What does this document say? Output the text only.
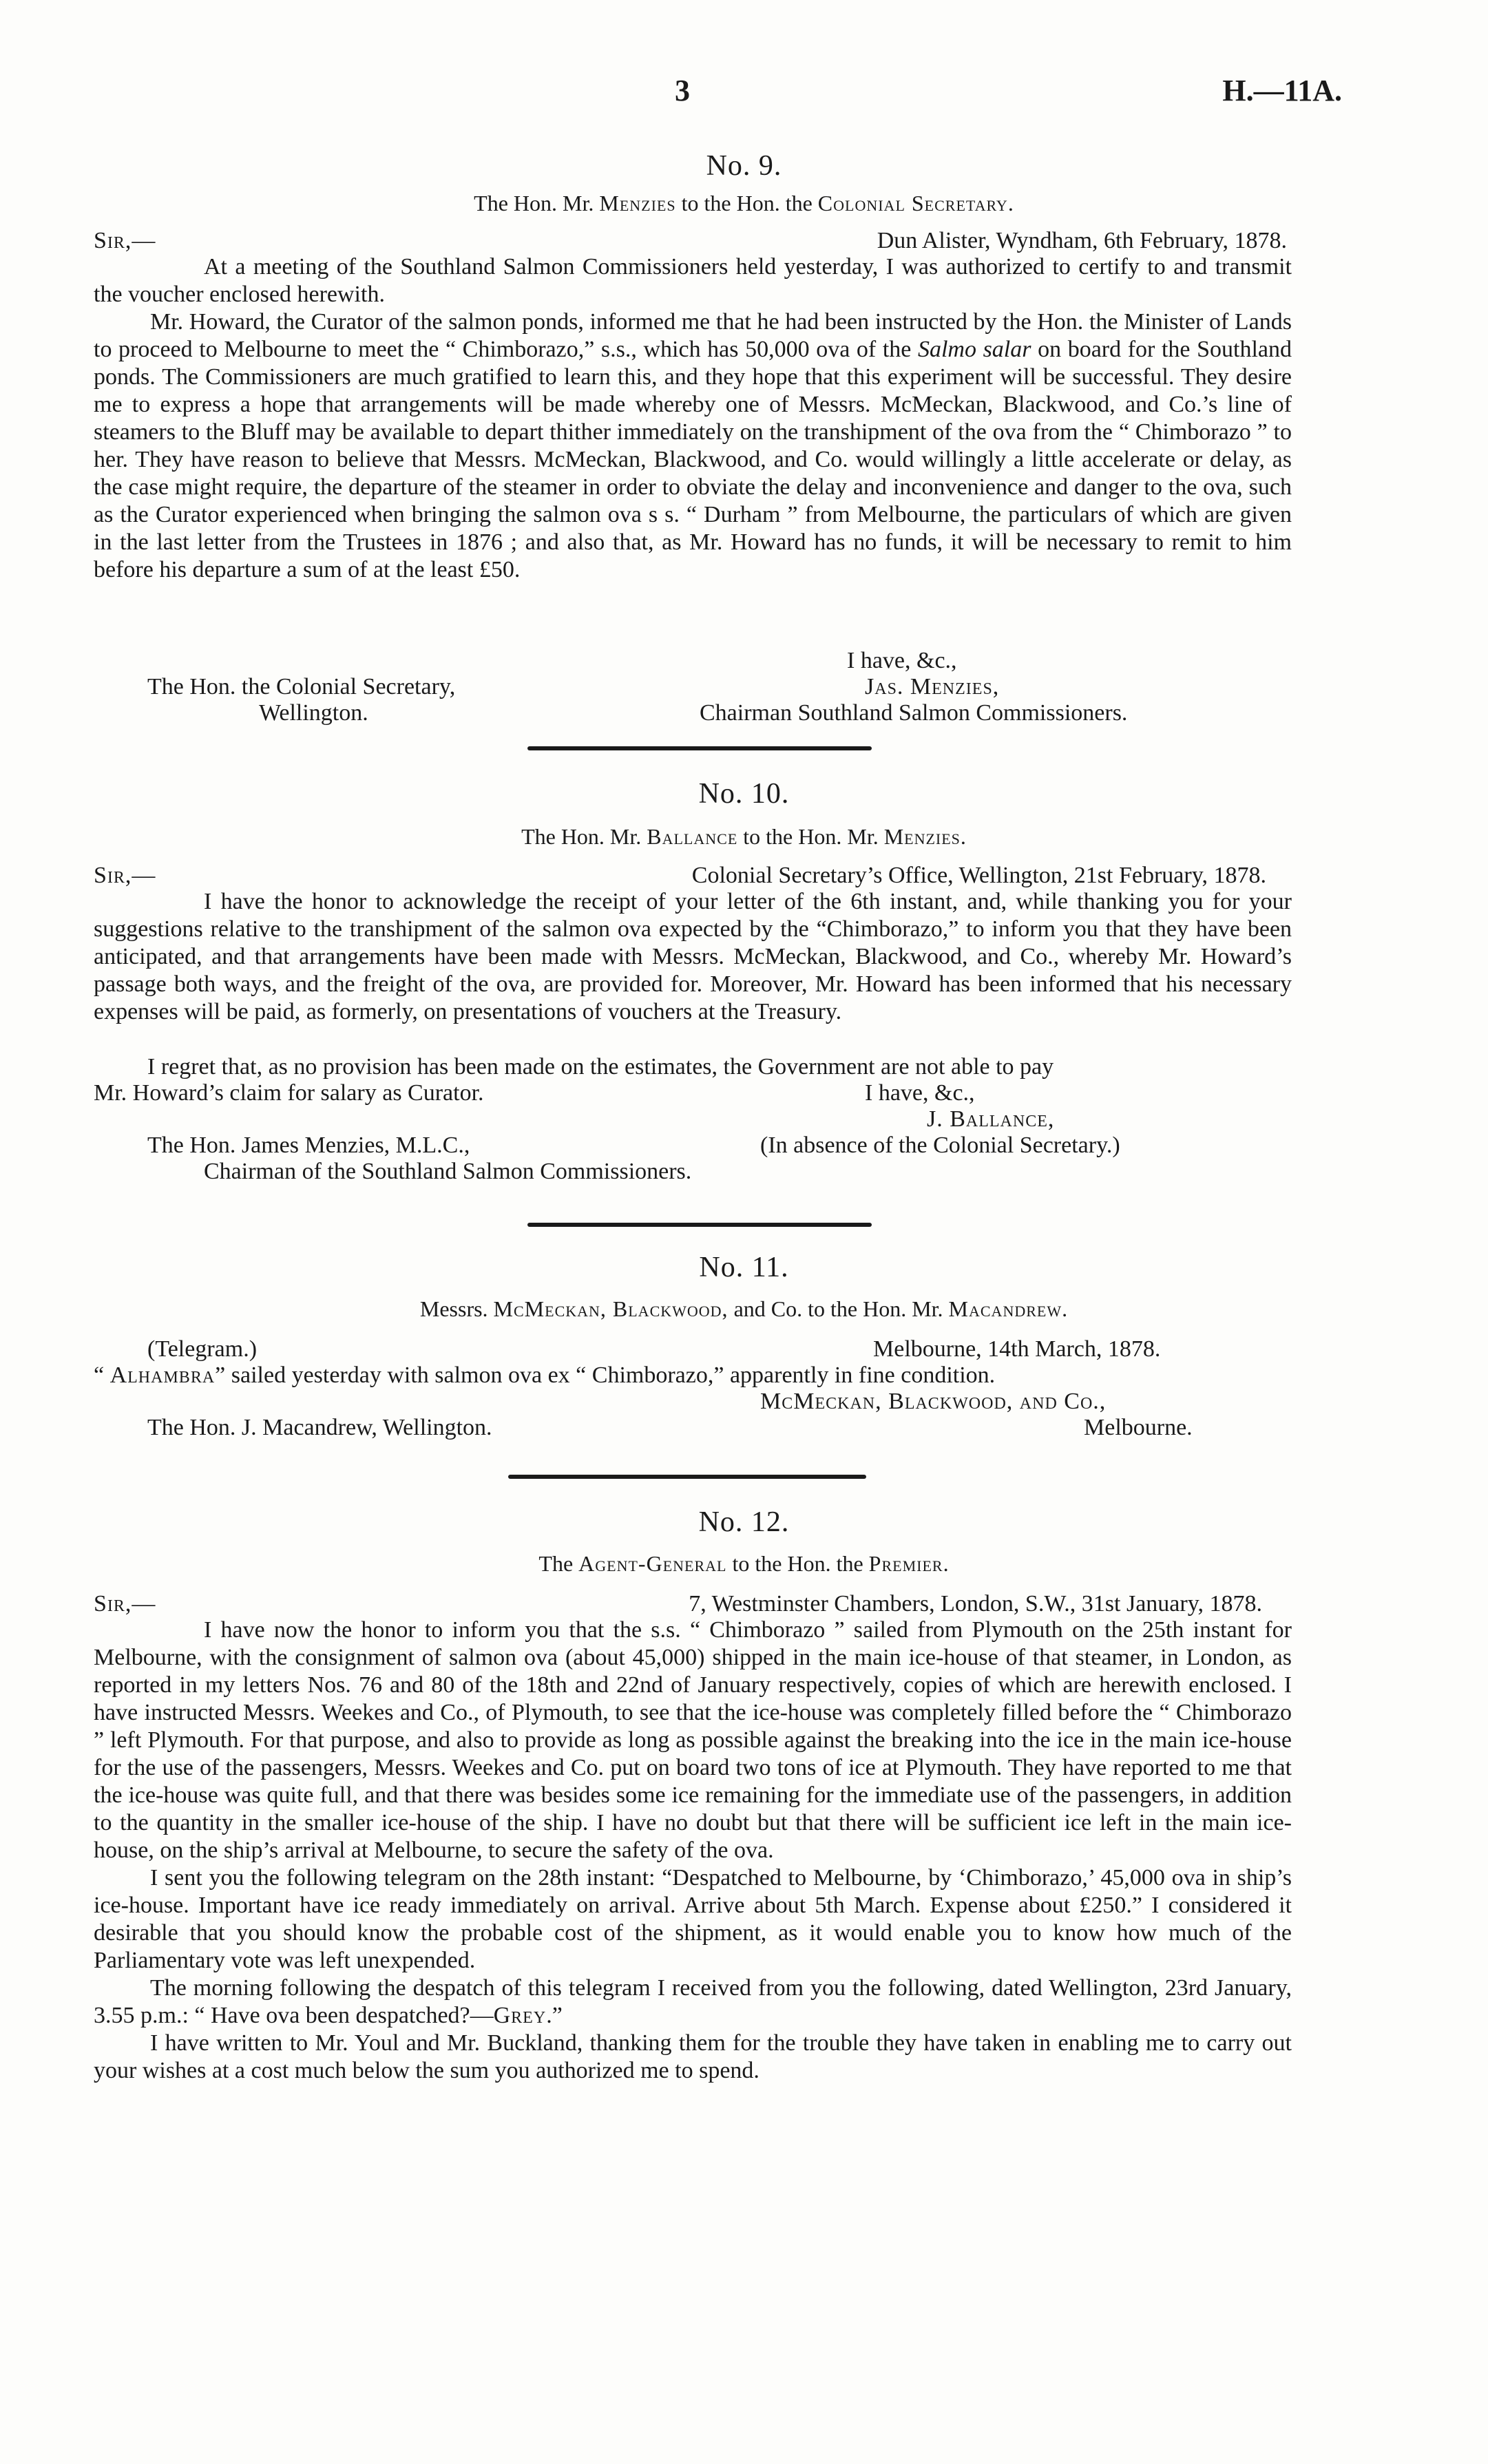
3	H.—11A.
No. 9.
The Hon. Mr. Menzies to the Hon. the Colonial Secretary.
Sir,—	Dun Alister, Wyndham, 6th February, 1878.

At a meeting of the Southland Salmon Commissioners held yesterday, I was authorized to certify to and transmit the voucher enclosed herewith.

Mr. Howard, the Curator of the salmon ponds, informed me that he had been instructed by the Hon. the Minister of Lands to proceed to Melbourne to meet the “ Chimborazo,” s.s., which has 50,000 ova of the Salmo salar on board for the Southland ponds. The Commissioners are much gratified to learn this, and they hope that this experiment will be successful. They desire me to express a hope that arrangements will be made whereby one of Messrs. McMeckan, Blackwood, and Co.’s line of steamers to the Bluff may be available to depart thither immediately on the transhipment of the ova from the “ Chimborazo ” to her. They have reason to believe that Messrs. McMeckan, Blackwood, and Co. would willingly a little accelerate or delay, as the case might require, the departure of the steamer in order to obviate the delay and inconvenience and danger to the ova, such as the Curator experienced when bringing the salmon ova s s. “ Durham ” from Melbourne, the particulars of which are given in the last letter from the Trustees in 1876 ; and also that, as Mr. Howard has no funds, it will be necessary to remit to him before his departure a sum of at the least £50.

I have, &c.,
The Hon. the Colonial Secretary,	Jas. Menzies,
Wellington.	Chairman Southland Salmon Commissioners.
No. 10.
The Hon. Mr. Ballance to the Hon. Mr. Menzies.
Sir,—	Colonial Secretary’s Office, Wellington, 21st February, 1878.

I have the honor to acknowledge the receipt of your letter of the 6th instant, and, while thanking you for your suggestions relative to the transhipment of the salmon ova expected by the “Chimborazo,” to inform you that they have been anticipated, and that arrangements have been made with Messrs. McMeckan, Blackwood, and Co., whereby Mr. Howard’s passage both ways, and the freight of the ova, are provided for. Moreover, Mr. Howard has been informed that his necessary expenses will be paid, as formerly, on presentations of vouchers at the Treasury.

I regret that, as no provision has been made on the estimates, the Government are not able to pay
Mr. Howard’s claim for salary as Curator.	I have, &c.,
J. Ballance,
The Hon. James Menzies, M.L.C.,	(In absence of the Colonial Secretary.)
Chairman of the Southland Salmon Commissioners.
No. 11.
Messrs. McMeckan, Blackwood, and Co. to the Hon. Mr. Macandrew.
(Telegram.)	Melbourne, 14th March, 1878.
“ Alhambra” sailed yesterday with salmon ova ex “ Chimborazo,” apparently in fine condition.
McMeckan, Blackwood, and Co.,
The Hon. J. Macandrew, Wellington.	Melbourne.
No. 12.
The Agent-General to the Hon. the Premier.
Sir,—	7, Westminster Chambers, London, S.W., 31st January, 1878.

I have now the honor to inform you that the s.s. “ Chimborazo ” sailed from Plymouth on the 25th instant for Melbourne, with the consignment of salmon ova (about 45,000) shipped in the main ice-house of that steamer, in London, as reported in my letters Nos. 76 and 80 of the 18th and 22nd of January respectively, copies of which are herewith enclosed. I have instructed Messrs. Weekes and Co., of Plymouth, to see that the ice-house was completely filled before the “ Chimborazo ” left Plymouth. For that purpose, and also to provide as long as possible against the breaking into the ice in the main ice-house for the use of the passengers, Messrs. Weekes and Co. put on board two tons of ice at Plymouth. They have reported to me that the ice-house was quite full, and that there was besides some ice remaining for the immediate use of the passengers, in addition to the quantity in the smaller ice-house of the ship. I have no doubt but that there will be sufficient ice left in the main ice-house, on the ship’s arrival at Melbourne, to secure the safety of the ova.

I sent you the following telegram on the 28th instant: “Despatched to Melbourne, by ‘Chimborazo,’ 45,000 ova in ship’s ice-house. Important have ice ready immediately on arrival. Arrive about 5th March. Expense about £250.” I considered it desirable that you should know the probable cost of the shipment, as it would enable you to know how much of the Parliamentary vote was left unexpended.

The morning following the despatch of this telegram I received from you the following, dated Wellington, 23rd January, 3.55 p.m.: “ Have ova been despatched?—Grey.”

I have written to Mr. Youl and Mr. Buckland, thanking them for the trouble they have taken in enabling me to carry out your wishes at a cost much below the sum you authorized me to spend.
